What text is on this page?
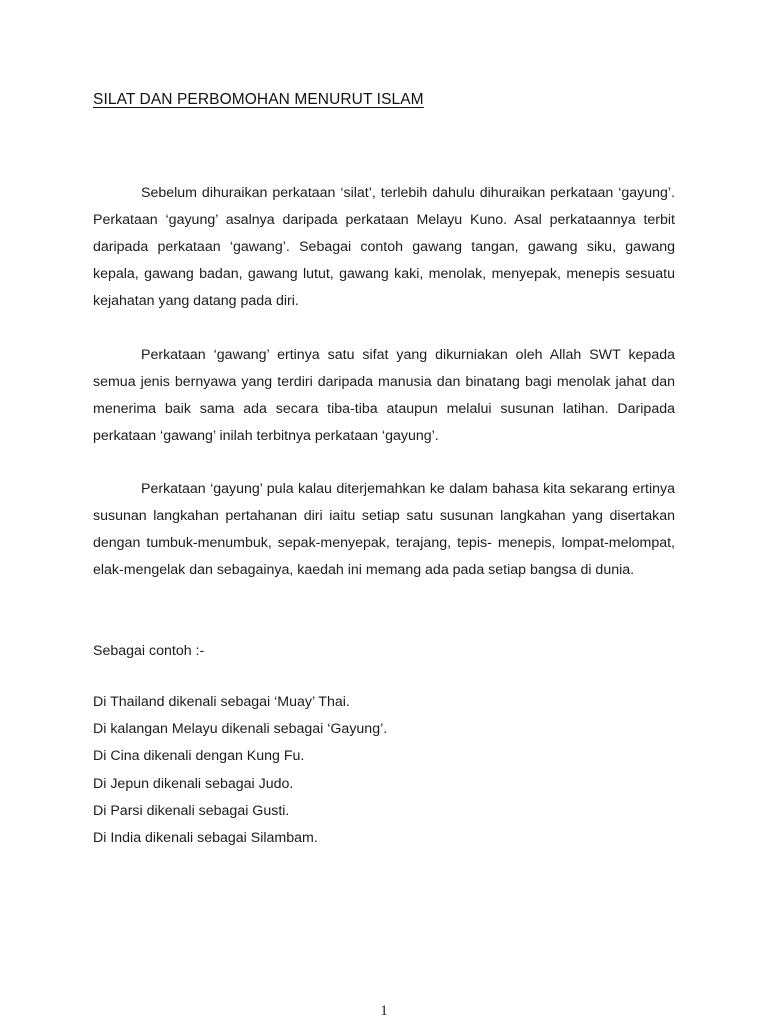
SILAT DAN PERBOMOHAN MENURUT ISLAM

Sebelum dihuraikan perkataan ‘silat’, terlebih dahulu dihuraikan perkataan ‘gayung’. Perkataan ‘gayung’ asalnya daripada perkataan Melayu Kuno. Asal perkataannya terbit daripada perkataan ‘gawang’. Sebagai contoh gawang tangan, gawang siku, gawang kepala, gawang badan, gawang lutut, gawang kaki, menolak, menyepak, menepis sesuatu kejahatan yang datang pada diri.

Perkataan ‘gawang’ ertinya satu sifat yang dikurniakan oleh Allah SWT kepada semua jenis bernyawa yang terdiri daripada manusia dan binatang bagi menolak jahat dan menerima baik sama ada secara tiba-tiba ataupun melalui susunan latihan. Daripada perkataan ‘gawang’ inilah terbitnya perkataan ‘gayung’.

Perkataan ‘gayung’ pula kalau diterjemahkan ke dalam bahasa kita sekarang ertinya susunan langkahan pertahanan diri iaitu setiap satu susunan langkahan yang disertakan dengan tumbuk-menumbuk, sepak-menyepak, terajang, tepis- menepis, lompat-melompat, elak-mengelak dan sebagainya, kaedah ini memang ada pada setiap bangsa di dunia.

Sebagai contoh :-
Di Thailand dikenali sebagai ‘Muay’ Thai.
Di kalangan Melayu dikenali sebagai ‘Gayung’.
Di Cina dikenali dengan Kung Fu.
Di Jepun dikenali sebagai Judo.
Di Parsi dikenali sebagai Gusti.
Di India dikenali sebagai Silambam.
1
